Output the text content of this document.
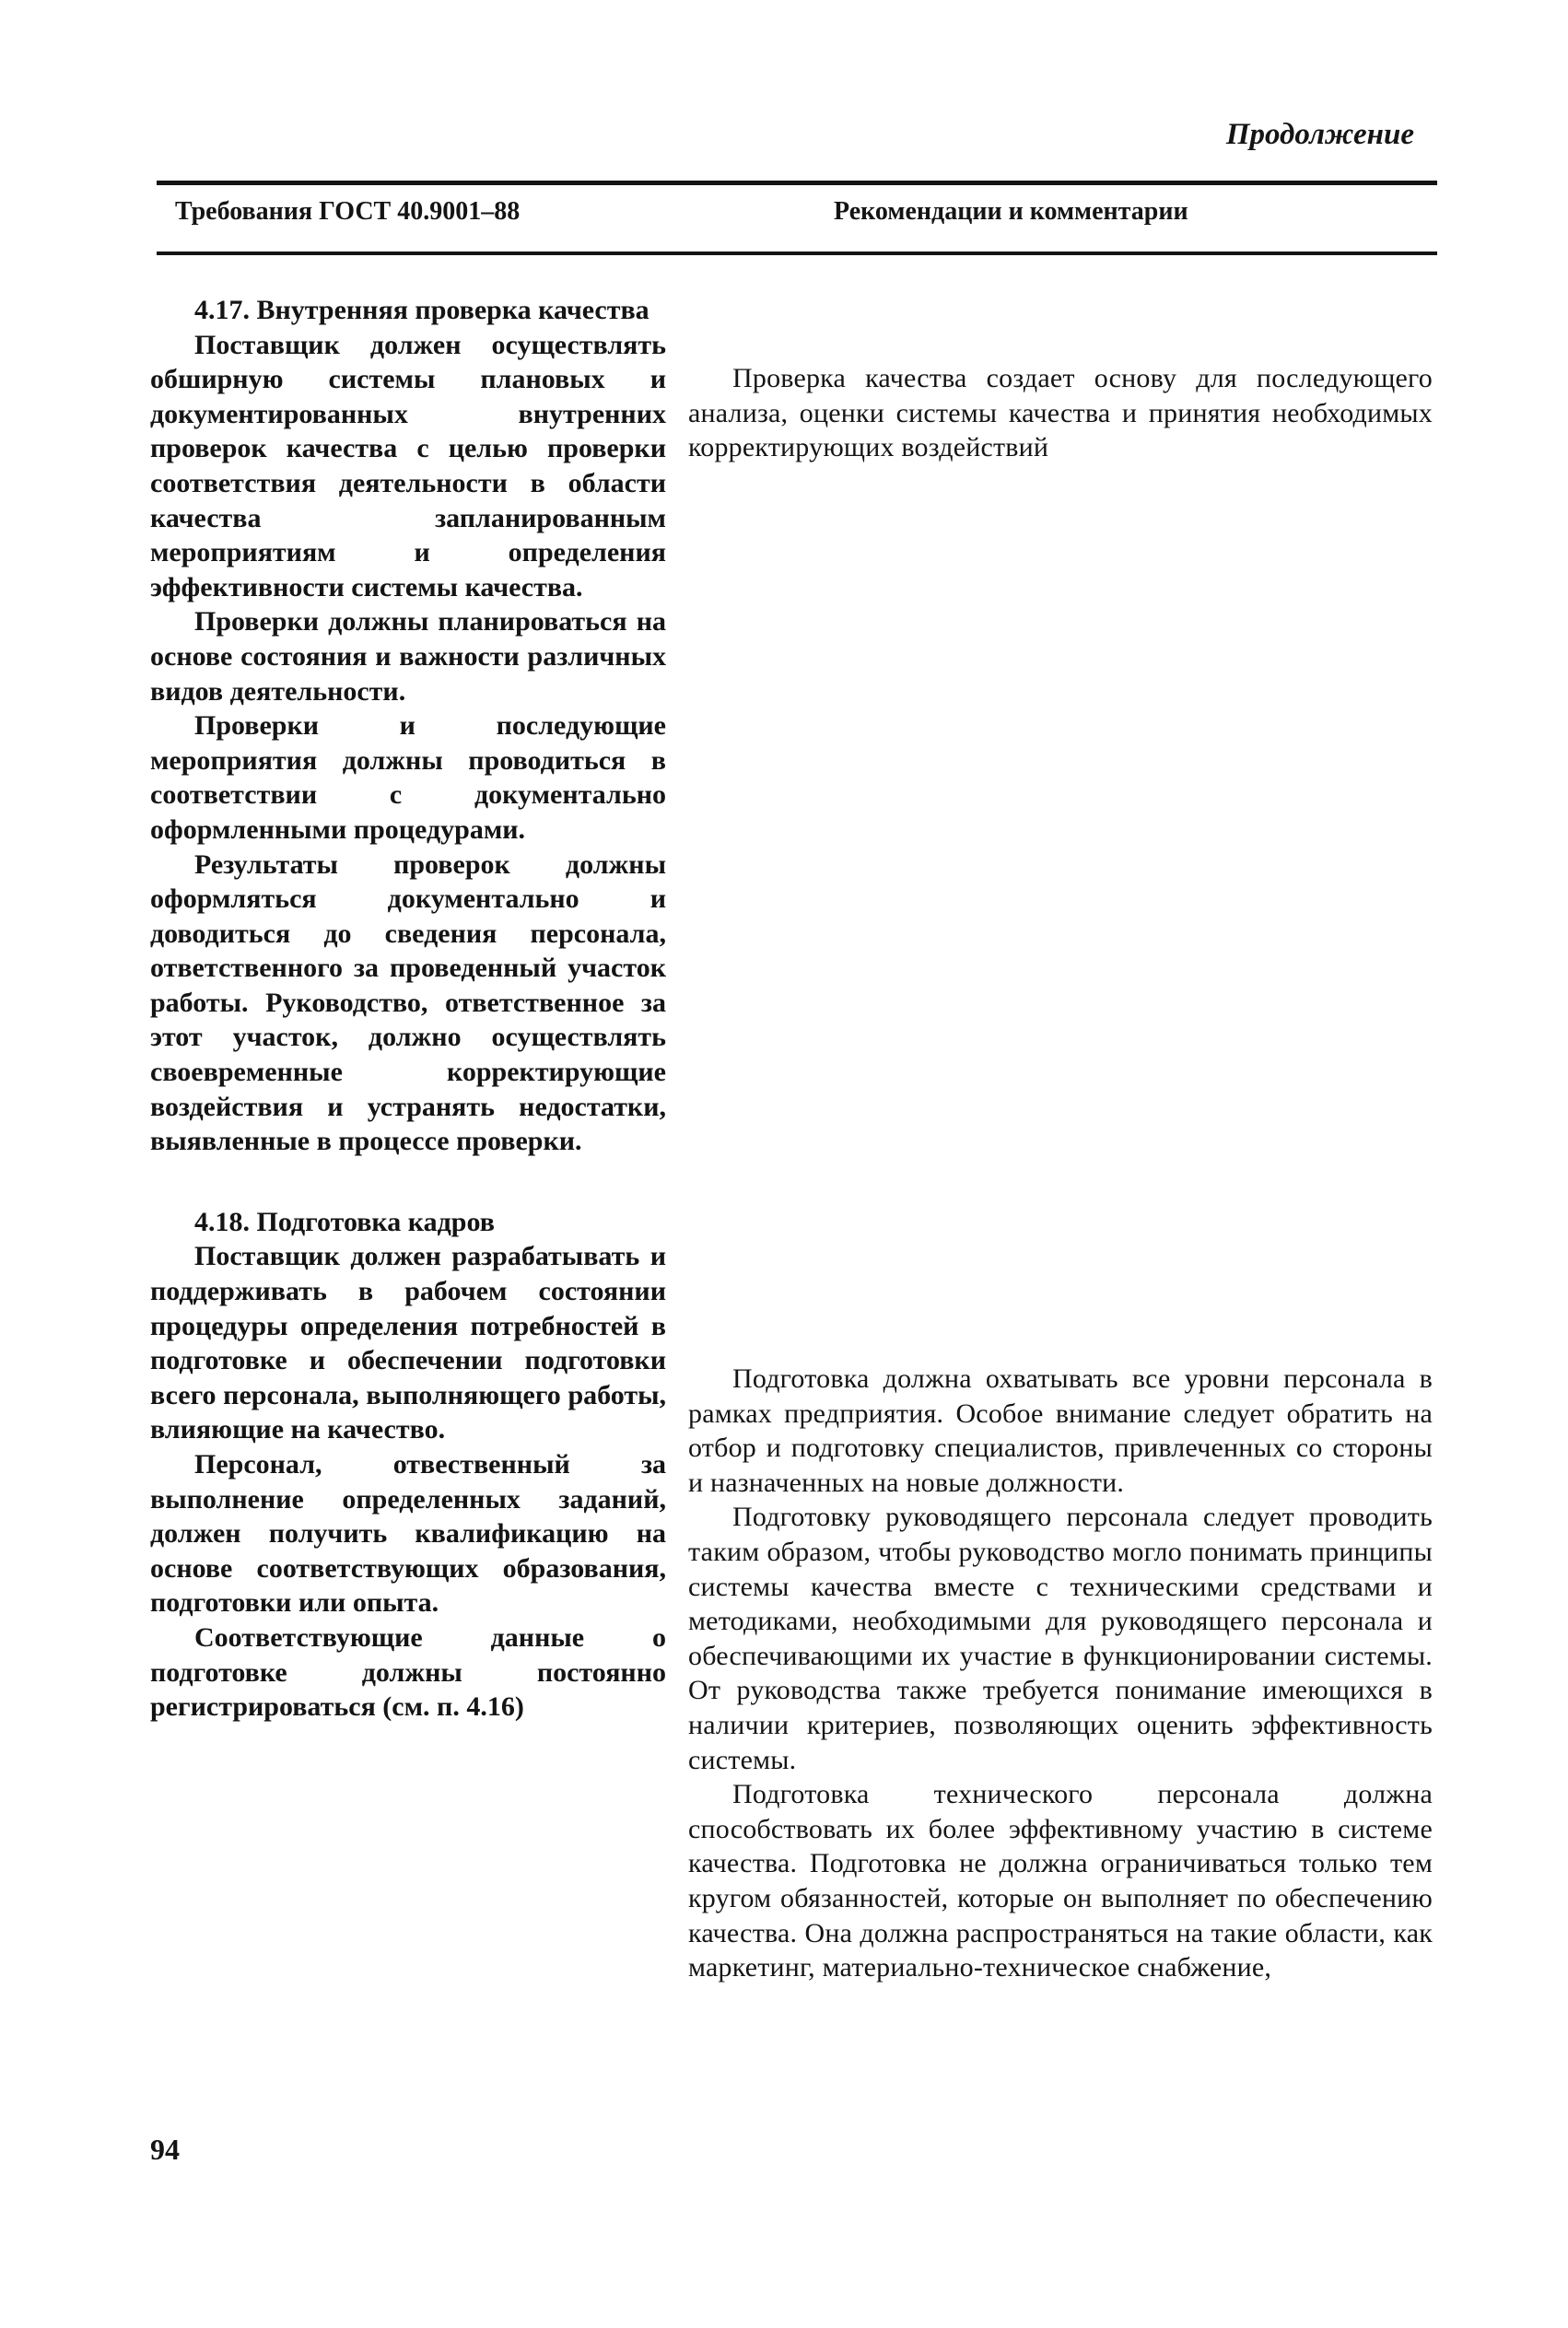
Продолжение
Требования ГОСТ 40.9001–88	Рекомендации и комментарии

4.17. Внутренняя проверка качества

Поставщик должен осуществлять обширную системы плановых и документированных внутренних проверок качества с целью проверки соответствия деятельности в области качества запланированным мероприятиям и определения эффективности системы качества.

Проверки должны планироваться на основе состояния и важности различных видов деятельности.

Проверки и последующие мероприятия должны проводиться в соответствии с документально оформленными процедурами.

Результаты проверок должны оформляться документально и доводиться до сведения персонала, ответственного за проведенный участок работы. Руководство, ответственное за этот участок, должно осуществлять своевременные корректирующие воздействия и устранять недостатки, выявленные в процессе проверки.

4.18. Подготовка кадров

Поставщик должен разрабатывать и поддерживать в рабочем состоянии процедуры определения потребностей в подготовке и обеспечении подготовки всего персонала, выполняющего работы, влияющие на качество.

Персонал, отвественный за выполнение определенных заданий, должен получить квалификацию на основе соответствующих образования, подготовки или опыта.

Соответствующие данные о подготовке должны постоянно регистрироваться (см. п. 4.16)

Проверка качества создает основу для последующего анализа, оценки системы качества и принятия необходимых корректирующих воздействий

Подготовка должна охватывать все уровни персонала в рамках предприятия. Особое внимание следует обратить на отбор и подготовку специалистов, привлеченных со стороны и назначенных на новые должности.

Подготовку руководящего персонала следует проводить таким образом, чтобы руководство могло понимать принципы системы качества вместе с техническими средствами и методиками, необходимыми для руководящего персонала и обеспечивающими их участие в функционировании системы. От руководства также требуется понимание имеющихся в наличии критериев, позволяющих оценить эффективность системы.

Подготовка технического персонала должна способствовать их более эффективному участию в системе качества. Подготовка не должна ограничиваться только тем кругом обязанностей, которые он выполняет по обеспечению качества. Она должна распространяться на такие области, как маркетинг, материально-техническое снабжение,

94
